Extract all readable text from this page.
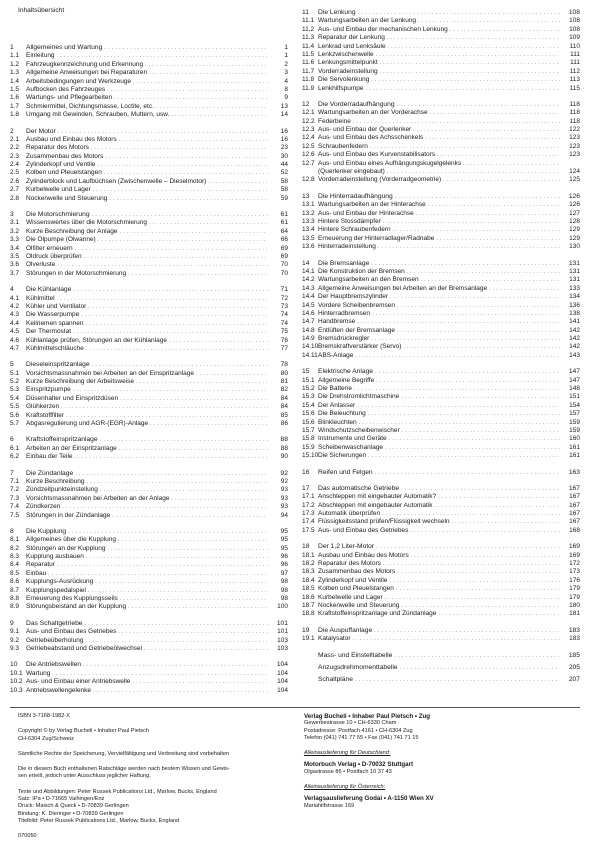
Inhaltsübersicht
1 Allgemeines und Wartung . . .	1
1.1 Einleitung . . .	1
1.2 Fahrzeugkennzeichnung und Erkennung . . .	2
1.3 Allgemeine Anweisungen bei Reparaturen . . .	3
1.4 Arbeitsbedingungen und Werkzeuge . . .	4
1.5 Aufbocken des Fahrzeuges . . .	8
1.6 Wartungs- und Pflegearbeiten . . .	9
1.7 Schmiermittel, Dichtungsmasse, Loctite, etc. . . .	13
1.8 Umgang mit Gewinden, Schrauben, Muttern, usw. . . .	14
2 Der Motor . . .	16
2.1 Ausbau und Einbau des Motors . . .	16
2.2 Reparatur des Motors . . .	23
2.3 Zusammenbau des Motors . . .	30
2.4 Zylinderkopf und Ventile . . .	44
2.5 Kolben und Pleuelstangen . . .	52
2.6 Zylinderblock und Laufbüchsen (Zwischenwelle – Dieselmotor) . . .	58
2.7 Kurbelwelle und Lager . . .	58
2.8 Nockenwelle und Steuerung . . .	59
3 Die Motorschmierung . . .	61
3.1 Wissenswertes über die Motorschmierung . . .	61
3.2 Kurze Beschreibung der Anlage . . .	64
3.3 Die Ölpumpe (Ölwanne) . . .	66
3.4 Ölfilter erneuern . . .	69
3.5 Öldruck überprüfen . . .	69
3.6 Ölverluste . . .	70
3.7 Störungen in der Motorschmierung . . .	70
4 Die Kühlanlage . . .	71
4.1 Kühlmittel . . .	72
4.2 Kühler und Ventilator . . .	73
4.3 Die Wasserpumpe . . .	74
4.4 Keilriemen spannen . . .	74
4.5 Der Thermostat . . .	75
4.6 Kühlanlage prüfen, Störungen an der Kühlanlage . . .	76
4.7 Kühlmittelschläuche . . .	77
5 Dieseleinspritzanlage . . .	78
5.1 Vorsichtsmassnahmen bei Arbeiten an der Einspritzanlage . . .	80
5.2 Kurze Beschreibung der Arbeitsweise . . .	81
5.3 Einspritzpumpe . . .	82
5.4 Düsenhalter und Einspritzdüsen . . .	84
5.5 Glühkerzen . . .	84
5.6 Kraftstofffilter . . .	85
5.7 Abgasregulierung und AGR-(EGR)-Anlage . . .	86
6 Kraftstoffeinspritzanlage . . .	88
6.1 Arbeiten an der Einspritzanlage . . .	88
6.2 Einbau der Teile . . .	90
7 Die Zündanlage . . .	92
7.1 Kurze Beschreibung . . .	92
7.2 Zündzeitpunkteinstellung . . .	93
7.3 Vorsichtsmassnahmen bei Arbeiten an der Anlage . . .	93
7.4 Zündkerzen . . .	93
7.5 Störungen in der Zündanlage . . .	94
8 Die Kupplung . . .	95
8.1 Allgemeines über die Kupplung . . .	95
8.2 Störungen an der Kupplung . . .	95
8.3 Kupplung ausbauen . . .	96
8.4 Reparatur . . .	96
8.5 Einbau . . .	97
8.6 Kupplungs-Ausrückung . . .	98
8.7 Kupplungspedalspiel . . .	98
8.8 Erneuerung des Kupplungsseils . . .	98
8.9 Störungsbeistand an der Kupplung . . .	100
9 Das Schaltgetriebe . . .	101
9.1 Aus- und Einbau des Getriebes . . .	101
9.2 Getriebeüberholung . . .	103
9.3 Getriebeabstand und Getriebeölwechsel . . .	103
10 Die Antriebswellen . . .	104
10.1 Wartung . . .	104
10.2 Aus- und Einbau einer Antriebswelle . . .	104
10.3 Antriebswellengelenke . . .	104
11 Die Lenkung . . .	108
11.1 Wartungsarbeiten an der Lenkung . . .	108
11.2 Aus- und Einbau der mechanischen Lenkung . . .	108
11.3 Reparatur der Lenkung . . .	109
11.4 Lenkrad und Lenksäule . . .	110
11.5 Lenkzwischenwelle . . .	111
11.6 Lenkungsmittelpunkt . . .	111
11.7 Vorderradeinstellung . . .	112
11.8 Die Servolenkung . . .	113
11.9 Lenkhilfspumpe . . .	115
12 Die Vorderradaufhängung . . .	118
12.1 Wartungsarbeiten an der Vorderachse . . .	118
12.2 Federbeine . . .	118
12.3 Aus- und Einbau der Querlenker . . .	122
12.4 Aus- und Einbau des Achsschenkels . . .	123
12.5 Schraubenfedern . . .	123
12.6 Aus- und Einbau des Kurvenstabilisators . . .	123
12.7 Aus- und Einbau eines Aufhängungskugelgelenks . . .
(Querlenker eingebaut) . . .	124
12.8 Vorderradeinstellung (Vorderradgeometrie) . . .	125
13 Die Hinterradaufhängung . . .	126
13.1 Wartungsarbeiten an der Hinterachse . . .	126
13.2 Aus- und Einbau der Hinterachse . . .	127
13.3 Hintere Stossdämpfer . . .	128
13.4 Hintere Schraubenfedern . . .	129
13.5 Erneuerung der Hinterradlager/Radnabe . . .	129
13.6 Hinterradeinstellung . . .	130
14 Die Bremsanlage . . .	131
14.1 Die Konstruktion der Bremsen . . .	131
14.2 Wartungsarbeiten an den Bremsen . . .	131
14.3 Allgemeine Anweisungen bei Arbeiten an der Bremsanlage . . .	133
14.4 Der Hauptbremszylinder . . .	134
14.5 Vordere Scheibenbremsen . . .	136
14.6 Hinterradbremsen . . .	138
14.7 Handbremse . . .	141
14.8 Entlüften der Bremsanlage . . .	142
14.9 Bremsdruckregler . . .	142
14.10 Bremskraftverstärker (Servo) . . .	142
14.11 ABS-Anlage . . .	143
15 Elektrische Anlage . . .	147
15.1 Allgemeine Begriffe . . .	147
15.2 Die Batterie . . .	148
15.3 Die Drehstromlichtmaschine . . .	151
15.4 Der Anlasser . . .	154
15.6 Die Beleuchtung . . .	157
15.6 Blinkleuchten . . .	159
15.7 Windschutzscheibenwischer . . .	159
15.8 Instrumente und Geräte . . .	160
15.9 Scheibenwaschanlage . . .	161
15.10 Die Sicherungen . . .	161
16 Reifen und Felgen . . .	163
17 Das automatische Getriebe . . .	167
17.1 Anschleppen mit eingebauter Automatik? . . .	167
17.2 Abschleppen mit eingebauter Automatik . . .	167
17.3 Automatik überprüfen . . .	167
17.4 Flüssigkeitsstand prüfen/Flüssigkeit wechseln . . .	167
17.5 Aus- und Einbau des Getriebes . . .	168
18 Der 1,2 Liter-Motor . . .	169
18.1 Ausbau und Einbau des Motors . . .	169
18.2 Reparatur des Motors . . .	172
18.3 Zusammenbau des Motors . . .	173
18.4 Zylinderkopf und Ventile . . .	176
18.5 Kolben und Pleuelstangen . . .	179
18.6 Kurbelwelle und Lager . . .	179
18.7 Nockenwelle und Steuerung . . .	180
18.8 Kraftstoffeinspritzanlage und Zündanlage . . .	181
19 Die Auspuffanlage . . .	183
19.1 Katalysator . . .	183
Mass- und Einstelltabelle . . .	185
Anzugsdrehmomenttabelle . . .	205
Schaltpläne . . .	207

ISBN 3-7168-1982-X

Copyright © by Verlag Bucheli • Inhaber Paul Pietsch

CH-6304 Zug/Schweiz

Sämtliche Rechte der Speicherung, Vervielfältigung und Verbreitung sind vorbehalten

Die in diesem Buch enthaltenen Ratschläge werden nach bestem Wissen und Gewis-

sen erteilt, jedoch unter Ausschluss jeglicher Haftung.

Texte und Abbildungen: Peter Russek Publications Ltd., Marlow, Bucks, England

Satz: IPa • D-71665 Vaihingen/Enz

Druck: Maisch & Queck • D-70839 Gerlingen

Bindung: K. Dieringer • D-70839 Gerlingen

Titelbild: Peter Russek Publications Ltd., Marlow, Bucks, England

070050

Verlag Bucheli • Inhaber Paul Pietsch • Zug

Gewerbestrasse 10 • CH-6330 Cham

Postadresse: Postfach 4161 • CH-6304 Zug

Telefon (041) 741 77 55 • Fax (041) 741 71 15

Alleinauslieferung für Deutschland:

Motorbuch Verlag • D-70032 Stuttgart

Olgastrasse 86 • Postfach 10 37 43

Alleinauslieferung für Österreich:

Verlagsauslieferung Godai • A-1150 Wien XV

Mariahilfstrasse 169
